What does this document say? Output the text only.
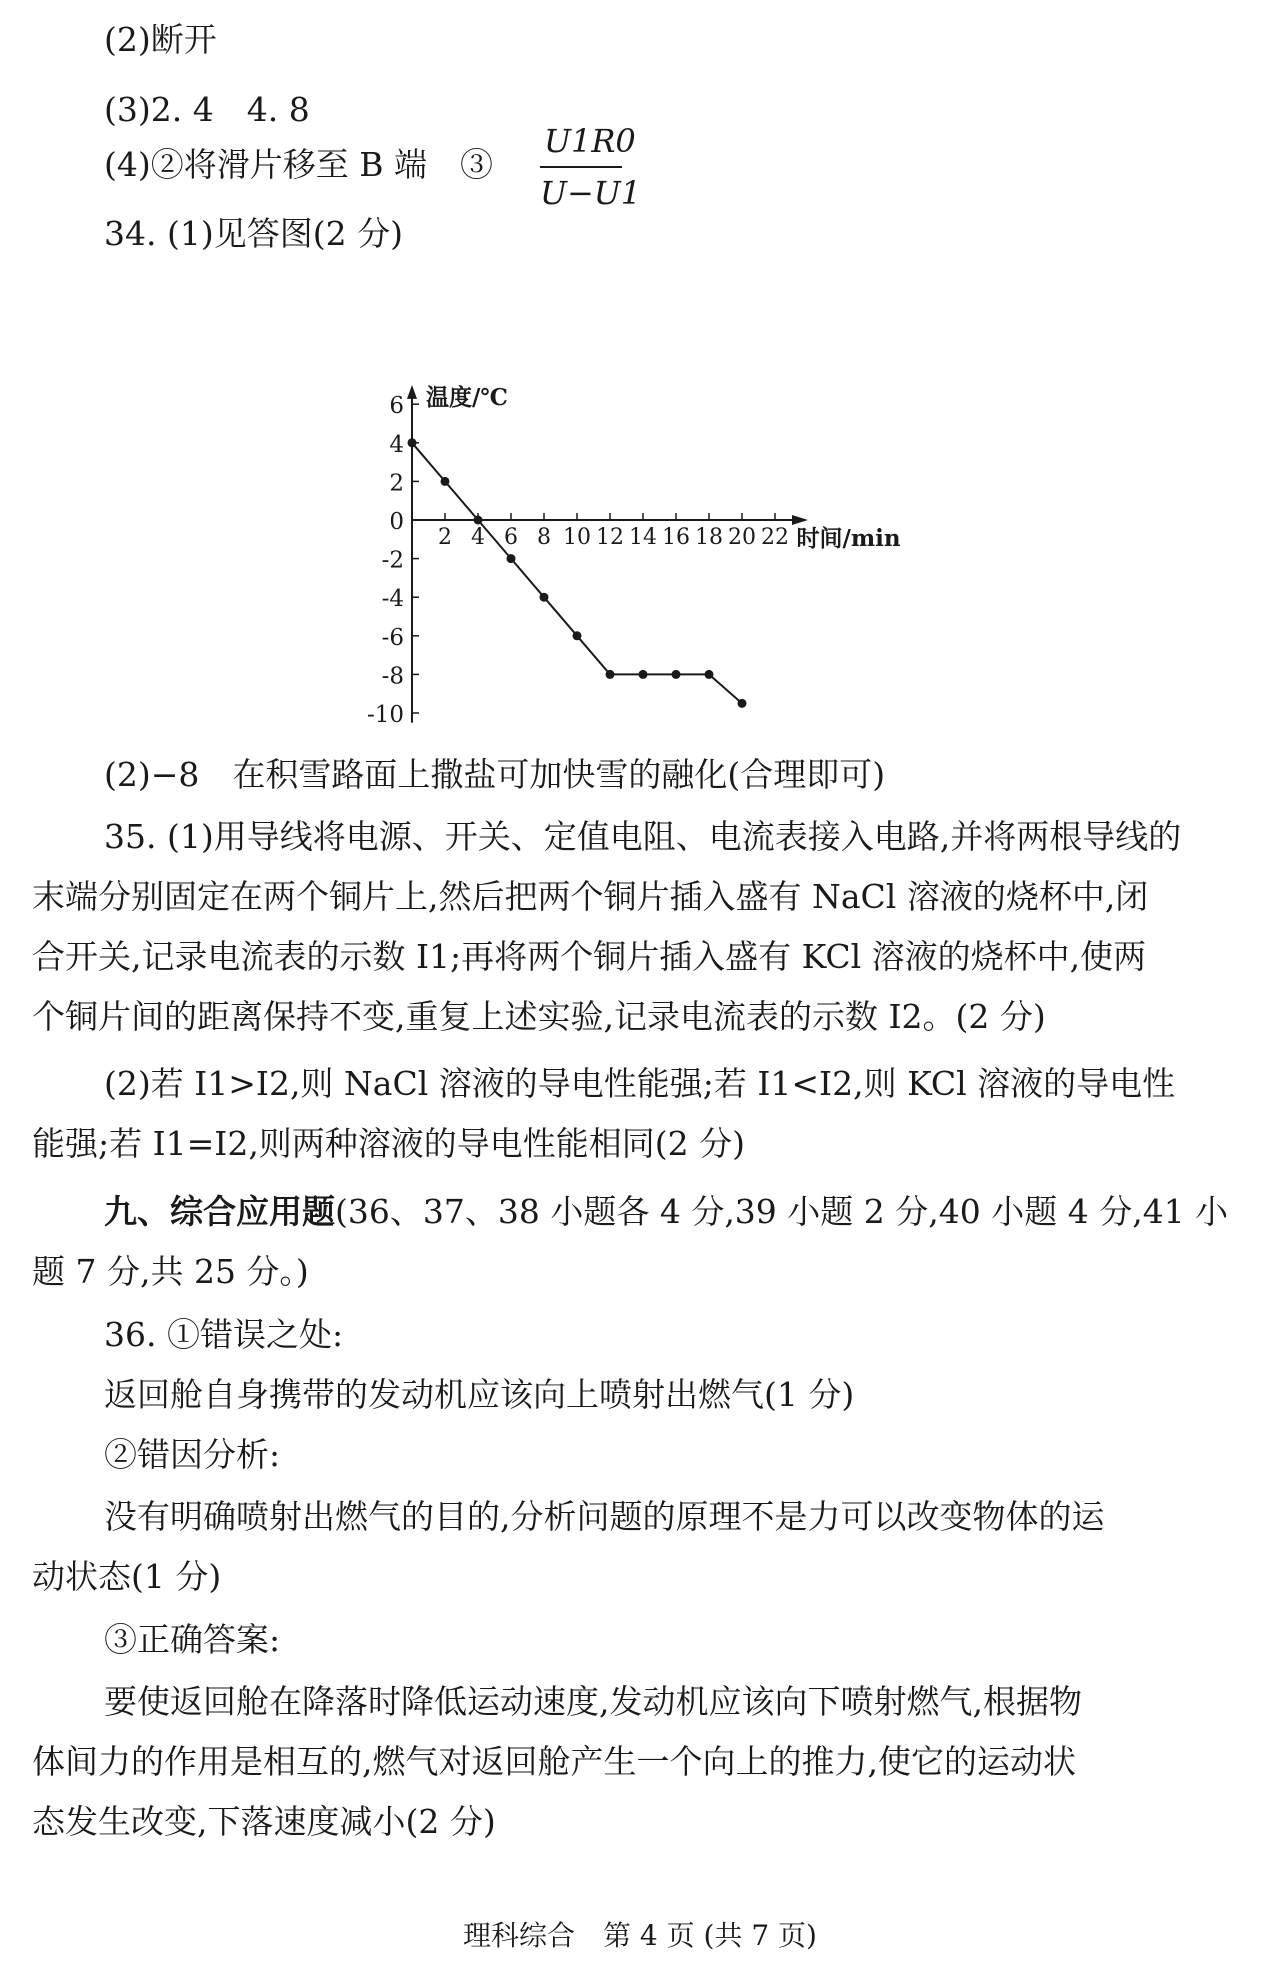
(2)断开
(3)2. 4　4. 8
(4)②将滑片移至 B 端　③
U1R0
U−U1
34. (1)见答图(2 分)
6
4
2
-2
-4
-6
-8
-10
0
2 4 6 8 10 12 14 16 18 20 22
温度/℃
时间/min
(2)−8　在积雪路面上撒盐可加快雪的融化(合理即可)
35. (1)用导线将电源、开关、定值电阻、电流表接入电路,并将两根导线的
末端分别固定在两个铜片上,然后把两个铜片插入盛有 NaCl 溶液的烧杯中,闭
合开关,记录电流表的示数 I1;再将两个铜片插入盛有 KCl 溶液的烧杯中,使两
个铜片间的距离保持不变,重复上述实验,记录电流表的示数 I2。(2 分)
(2)若 I1>I2,则 NaCl 溶液的导电性能强;若 I1<I2,则 KCl 溶液的导电性
能强;若 I1=I2,则两种溶液的导电性能相同(2 分)
九、综合应用题(36、37、38 小题各 4 分,39 小题 2 分,40 小题 4 分,41 小
题 7 分,共 25 分。)
36. ①错误之处:
返回舱自身携带的发动机应该向上喷射出燃气(1 分)
②错因分析:
没有明确喷射出燃气的目的,分析问题的原理不是力可以改变物体的运
动状态(1 分)
③正确答案:
要使返回舱在降落时降低运动速度,发动机应该向下喷射燃气,根据物
体间力的作用是相互的,燃气对返回舱产生一个向上的推力,使它的运动状
态发生改变,下落速度减小(2 分)
理科综合　第 4 页 (共 7 页)
